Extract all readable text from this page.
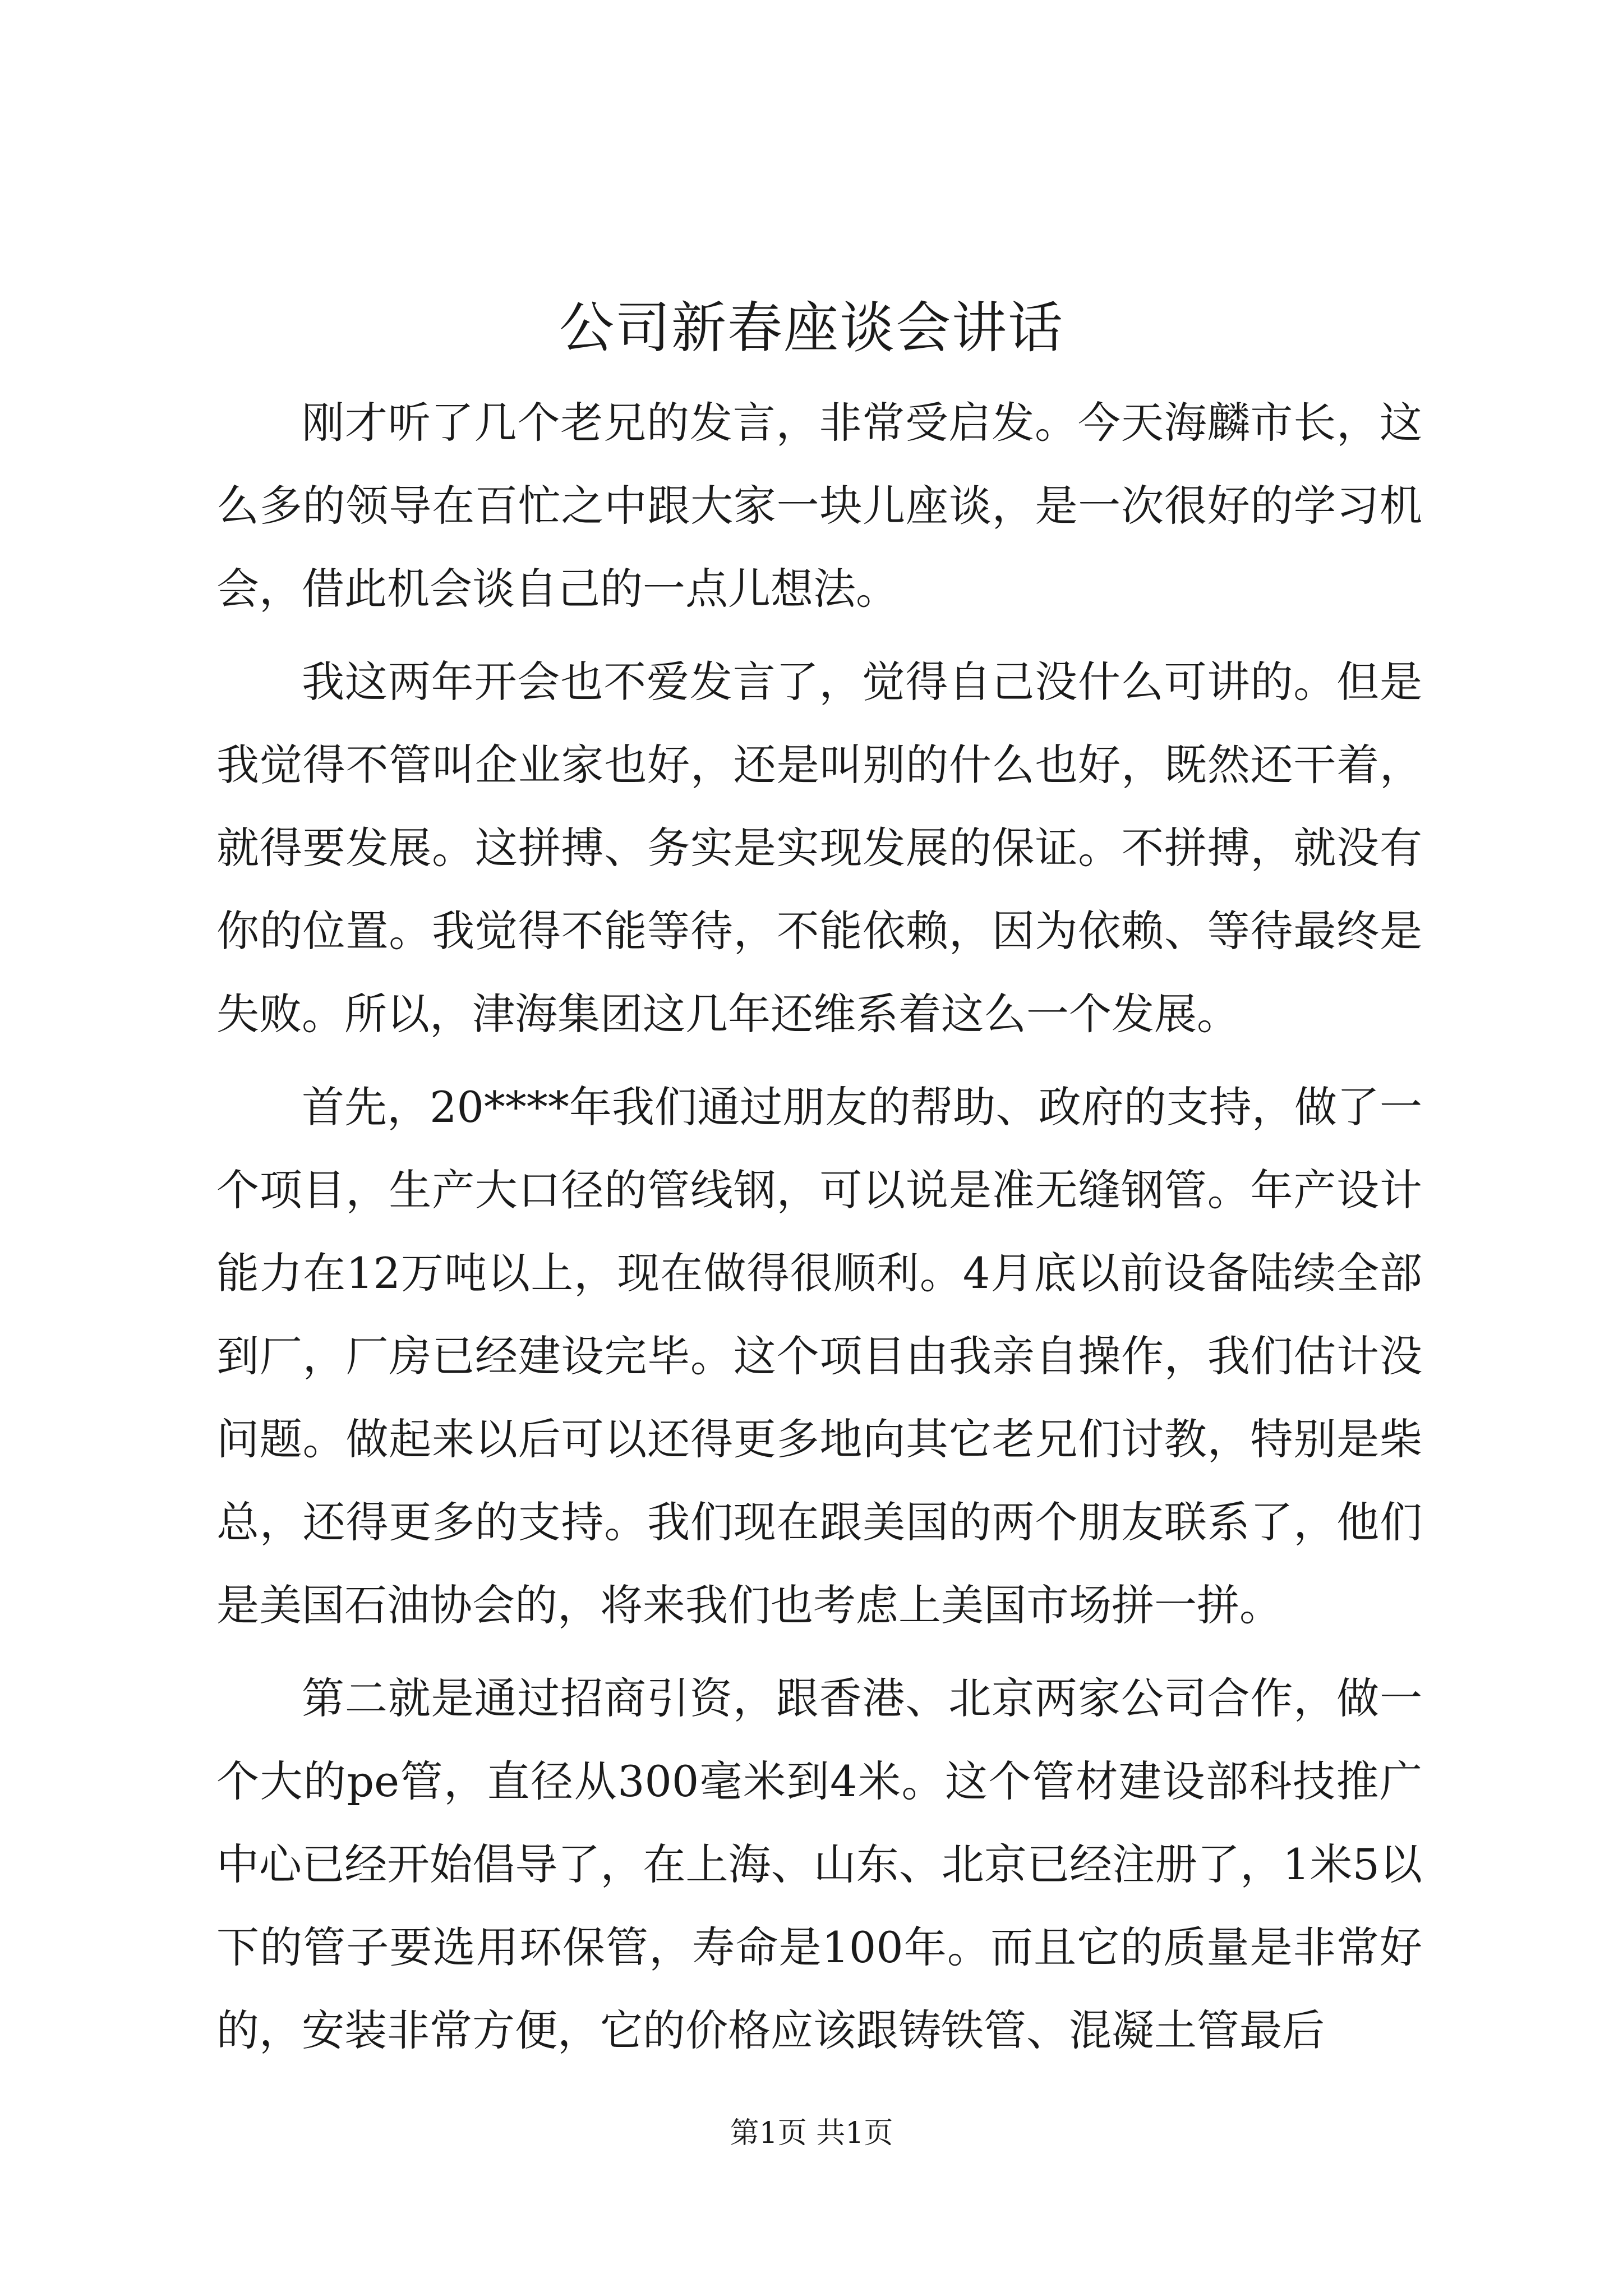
公司新春座谈会讲话

刚才听了几个老兄的发言，非常受启发。今天海麟市长，这么多的领导在百忙之中跟大家一块儿座谈，是一次很好的学习机会，借此机会谈自己的一点儿想法。

我这两年开会也不爱发言了，觉得自己没什么可讲的。但是我觉得不管叫企业家也好，还是叫别的什么也好，既然还干着，就得要发展。这拼搏、务实是实现发展的保证。不拼搏，就没有你的位置。我觉得不能等待，不能依赖，因为依赖、等待最终是失败。所以，津海集团这几年还维系着这么一个发展。

首先，20****年我们通过朋友的帮助、政府的支持，做了一个项目，生产大口径的管线钢，可以说是准无缝钢管。年产设计能力在12万吨以上，现在做得很顺利。4月底以前设备陆续全部到厂，厂房已经建设完毕。这个项目由我亲自操作，我们估计没问题。做起来以后可以还得更多地向其它老兄们讨教，特别是柴总，还得更多的支持。我们现在跟美国的两个朋友联系了，他们是美国石油协会的，将来我们也考虑上美国市场拼一拼。

第二就是通过招商引资，跟香港、北京两家公司合作，做一个大的pe管，直径从300毫米到4米。这个管材建设部科技推广中心已经开始倡导了，在上海、山东、北京已经注册了，1米5以下的管子要选用环保管，寿命是100年。而且它的质量是非常好的，安装非常方便，它的价格应该跟铸铁管、混凝土管最后

第1页 共1页
